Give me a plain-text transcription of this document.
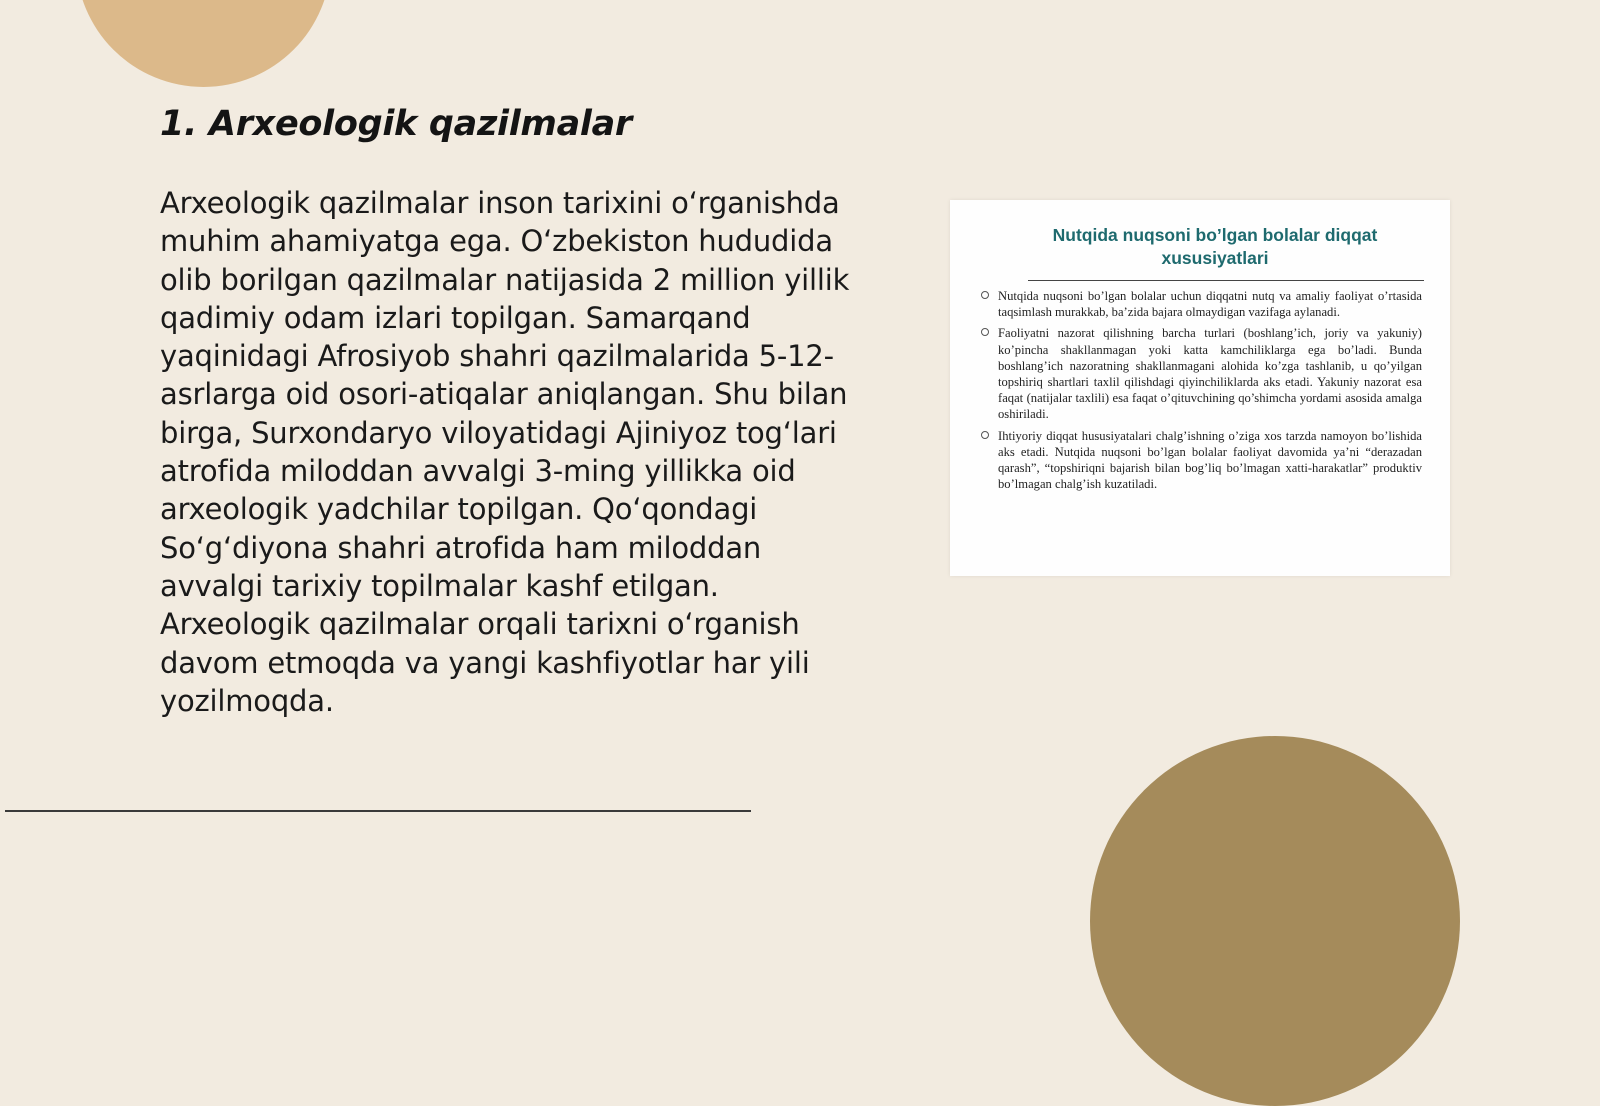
1. Arxeologik qazilmalar

Arxeologik qazilmalar inson tarixini o‘rganishda muhim ahamiyatga ega. O‘zbekiston hududida olib borilgan qazilmalar natijasida 2 million yillik qadimiy odam izlari topilgan. Samarqand yaqinidagi Afrosiyob shahri qazilmalarida 5-12-asrlarga oid osori-atiqalar aniqlangan. Shu bilan birga, Surxondaryo viloyatidagi Ajiniyoz tog‘lari atrofida miloddan avvalgi 3-ming yillikka oid arxeologik yadchilar topilgan. Qo‘qondagi So‘g‘diyona shahri atrofida ham miloddan avvalgi tarixiy topilmalar kashf etilgan. Arxeologik qazilmalar orqali tarixni o‘rganish davom etmoqda va yangi kashfiyotlar har yili yozilmoqda.

Nutqida nuqsoni bo’lgan bolalar diqqat xususiyatlari
Nutqida nuqsoni bo’lgan bolalar uchun diqqatni nutq va amaliy faoliyat o’rtasida taqsimlash murakkab, ba’zida bajara olmaydigan vazifaga aylanadi.
Faoliyatni nazorat qilishning barcha turlari (boshlang’ich, joriy va yakuniy) ko’pincha shakllanmagan yoki katta kamchiliklarga ega bo’ladi. Bunda boshlang’ich nazoratning shakllanmagani alohida ko’zga tashlanib, u qo’yilgan topshiriq shartlari taxlil qilishdagi qiyinchiliklarda aks etadi. Yakuniy nazorat esa faqat (natijalar taxlili) esa faqat o’qituvchining qo’shimcha yordami asosida amalga oshiriladi.
Ihtiyoriy diqqat hususiyatalari chalg’ishning o’ziga xos tarzda namoyon bo’lishida aks etadi. Nutqida nuqsoni bo’lgan bolalar faoliyat davomida ya’ni “derazadan qarash”, “topshiriqni bajarish bilan bog’liq bo’lmagan xatti-harakatlar” produktiv bo’lmagan chalg’ish kuzatiladi.
